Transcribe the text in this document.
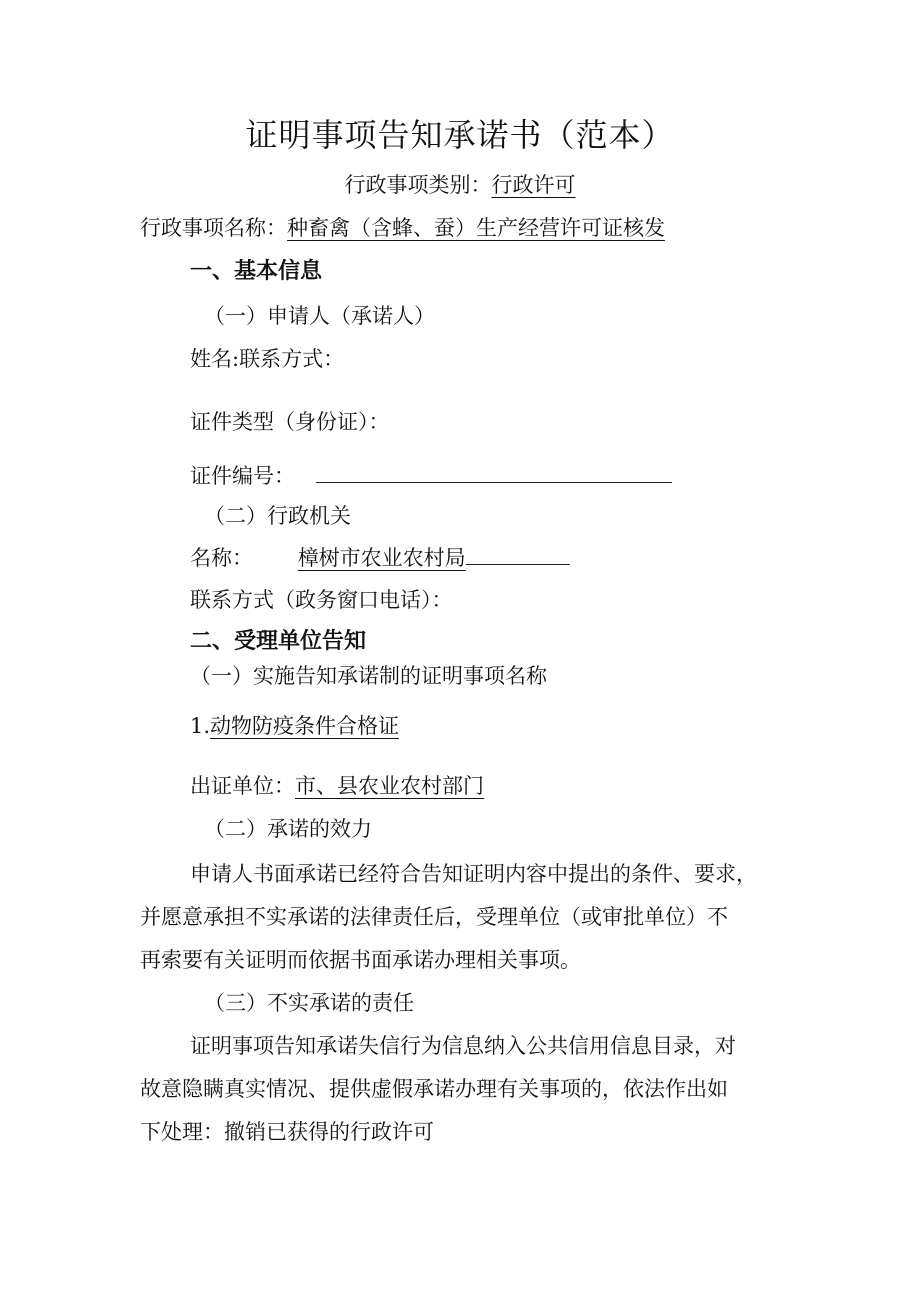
证明事项告知承诺书（范本）
行政事项类别：行政许可
行政事项名称：种畜禽（含蜂、蚕）生产经营许可证核发
一、基本信息
（一）申请人（承诺人）
姓名:联系方式：
证件类型（身份证）：
证件编号：
（二）行政机关
名称： 樟树市农业农村局
联系方式（政务窗口电话）：
二、受理单位告知
（一）实施告知承诺制的证明事项名称
1.动物防疫条件合格证
出证单位：市、县农业农村部门
（二）承诺的效力
申请人书面承诺已经符合告知证明内容中提出的条件、要求，
并愿意承担不实承诺的法律责任后，受理单位（或审批单位）不
再索要有关证明而依据书面承诺办理相关事项。
（三）不实承诺的责任
证明事项告知承诺失信行为信息纳入公共信用信息目录，对
故意隐瞒真实情况、提供虚假承诺办理有关事项的，依法作出如
下处理：撤销已获得的行政许可
